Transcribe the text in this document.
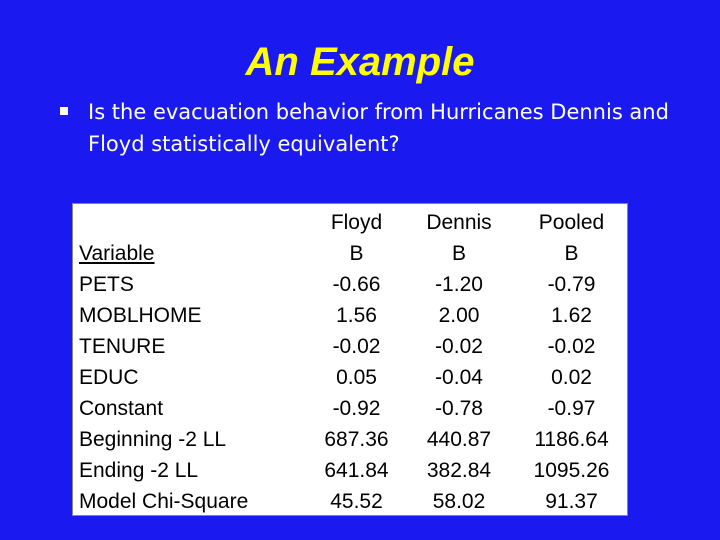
An Example
Is the evacuation behavior from Hurricanes Dennis and Floyd statistically equivalent?
	Floyd	Dennis	Pooled
Variable	B	B	B
PETS	-0.66	-1.20	-0.79
MOBLHOME	1.56	2.00	1.62
TENURE	-0.02	-0.02	-0.02
EDUC	0.05	-0.04	0.02
Constant	-0.92	-0.78	-0.97
Beginning -2 LL	687.36	440.87	1186.64
Ending -2 LL	641.84	382.84	1095.26
Model Chi-Square	45.52	58.02	91.37
